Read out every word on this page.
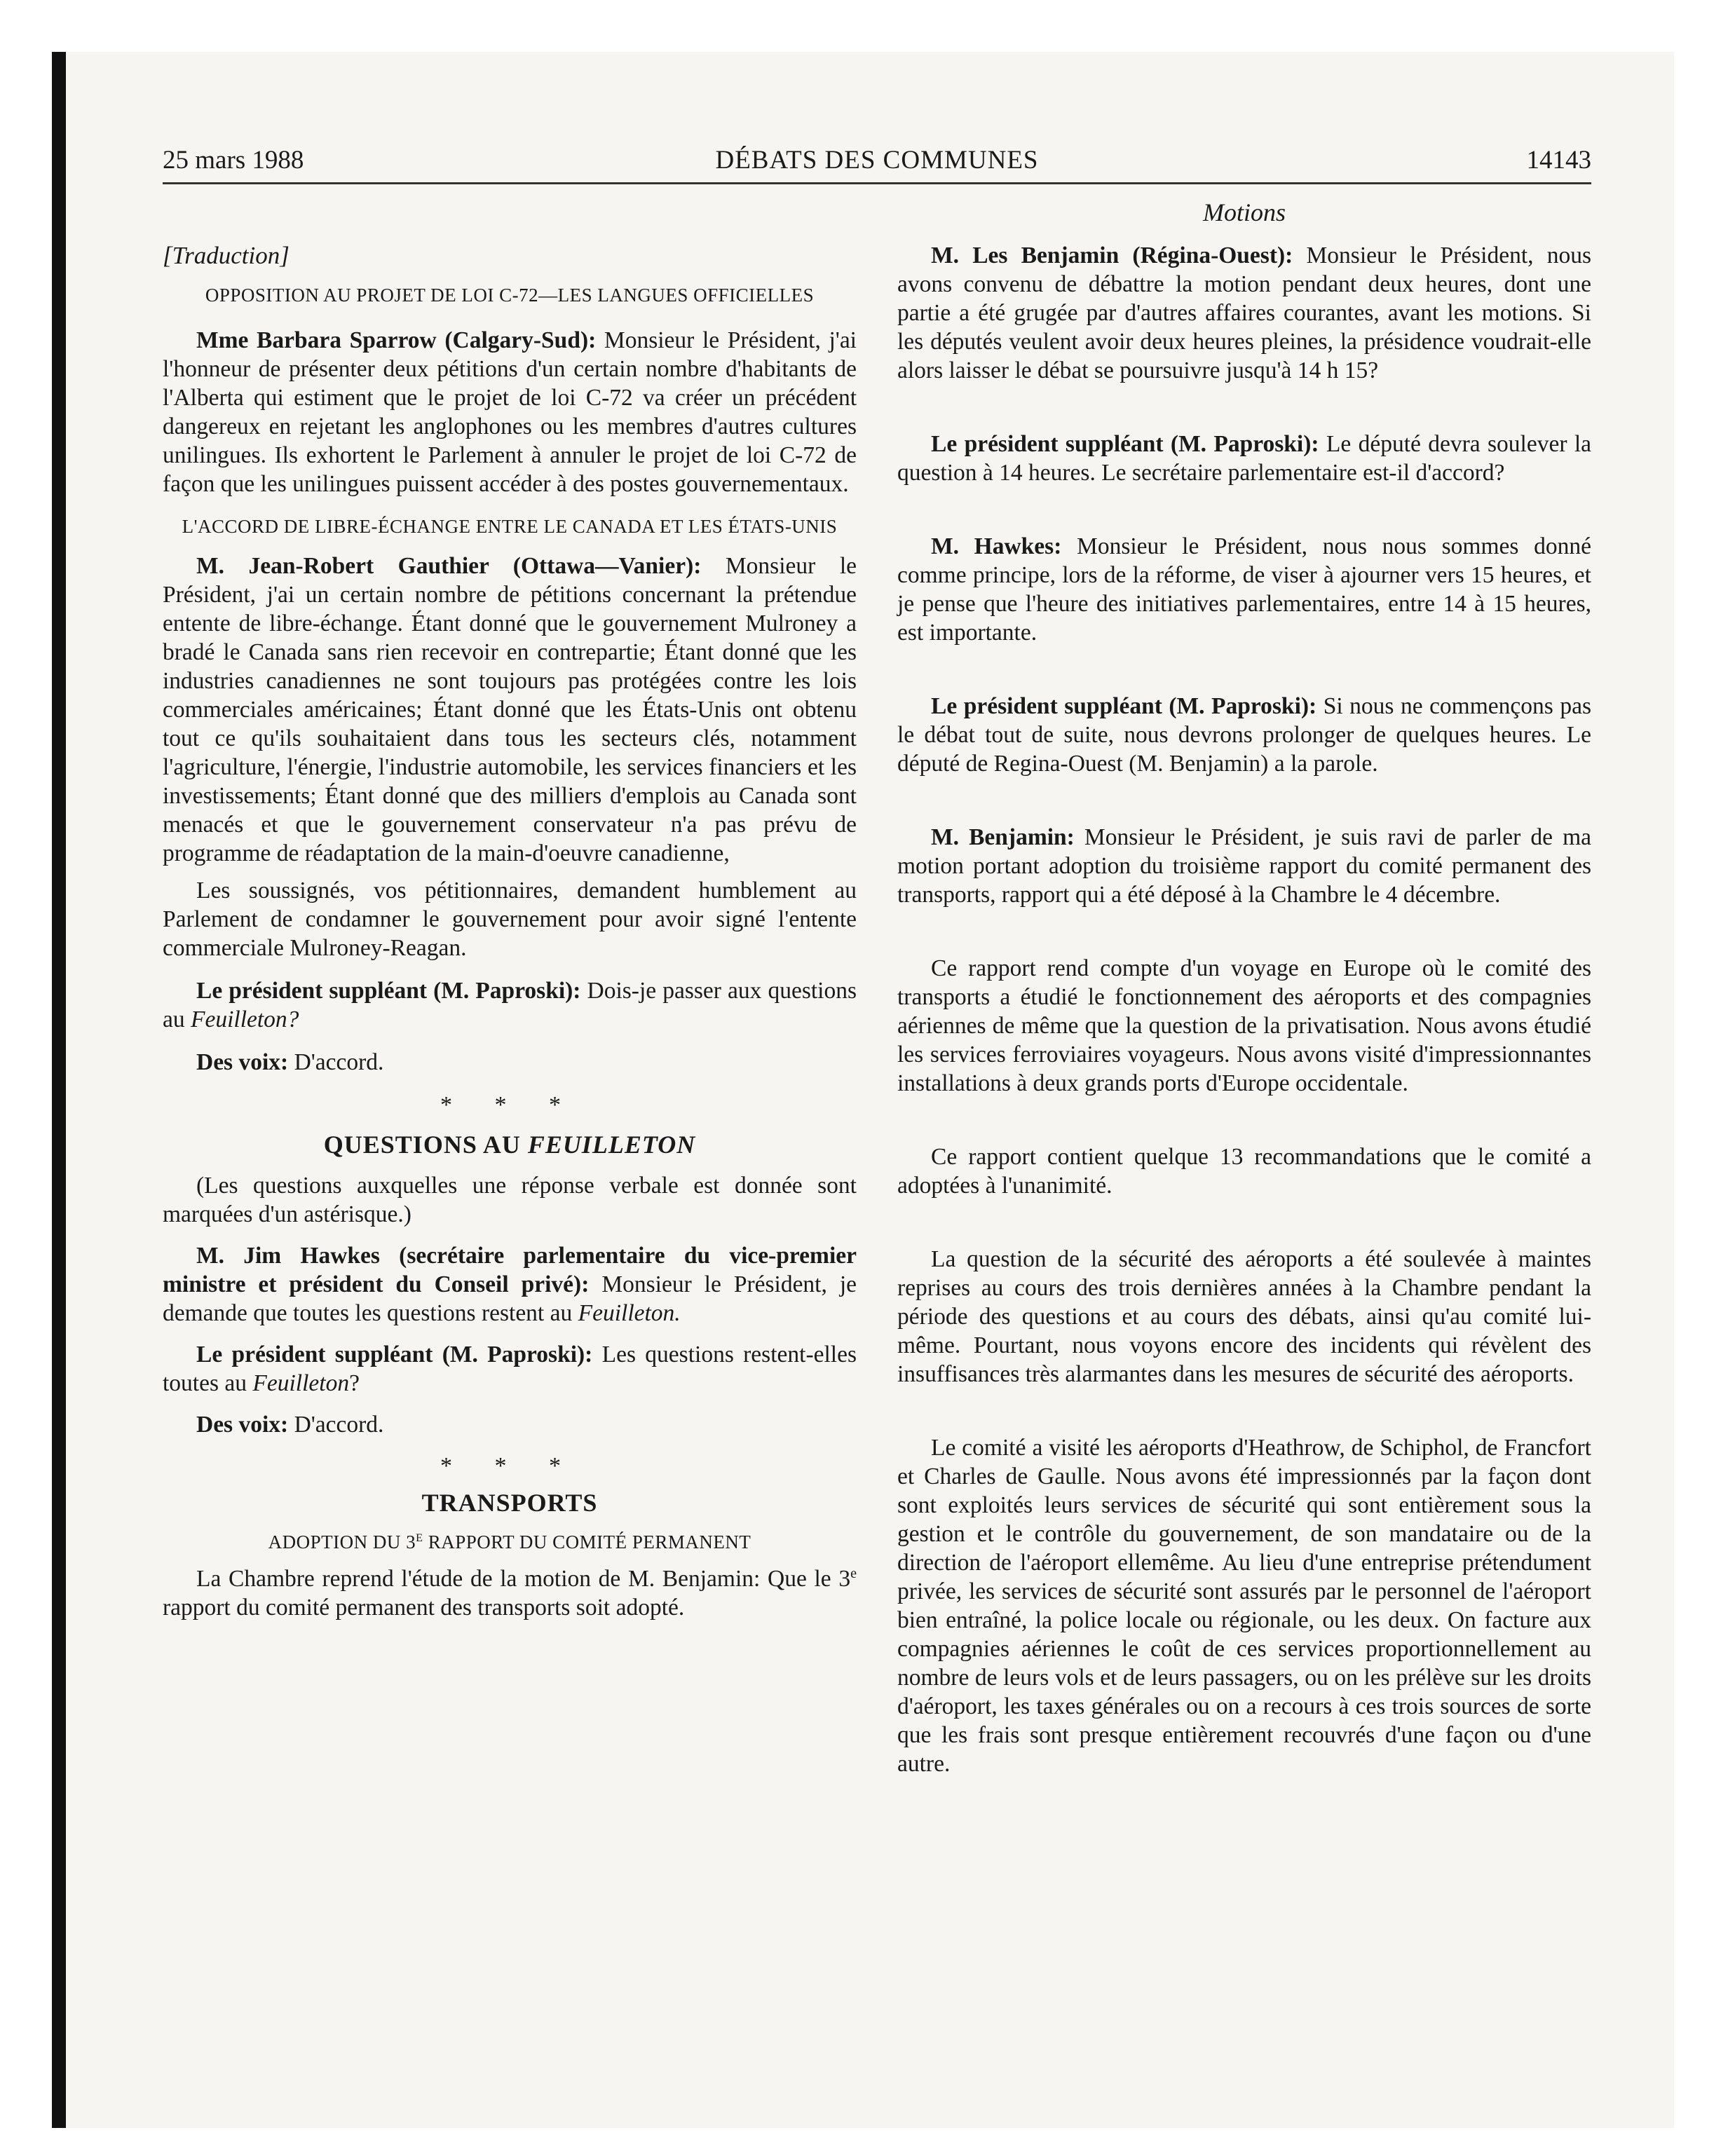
25 mars 1988	DÉBATS DES COMMUNES	14143
Motions

[Traduction]

OPPOSITION AU PROJET DE LOI C-72—LES LANGUES OFFICIELLES

Mme Barbara Sparrow (Calgary-Sud): Monsieur le Président, j'ai l'honneur de présenter deux pétitions d'un certain nombre d'habitants de l'Alberta qui estiment que le projet de loi C-72 va créer un précédent dangereux en rejetant les anglophones ou les membres d'autres cultures unilingues. Ils exhortent le Parlement à annuler le projet de loi C-72 de façon que les unilingues puissent accéder à des postes gouvernementaux.

L'ACCORD DE LIBRE-ÉCHANGE ENTRE LE CANADA ET LES ÉTATS-UNIS

M. Jean-Robert Gauthier (Ottawa—Vanier): Monsieur le Président, j'ai un certain nombre de pétitions concernant la prétendue entente de libre-échange. Étant donné que le gouvernement Mulroney a bradé le Canada sans rien recevoir en contrepartie; Étant donné que les industries canadiennes ne sont toujours pas protégées contre les lois commerciales américaines; Étant donné que les États-Unis ont obtenu tout ce qu'ils souhaitaient dans tous les secteurs clés, notamment l'agriculture, l'énergie, l'industrie automobile, les services financiers et les investissements; Étant donné que des milliers d'emplois au Canada sont menacés et que le gouvernement conservateur n'a pas prévu de programme de réadaptation de la main-d'oeuvre canadienne,

Les soussignés, vos pétitionnaires, demandent humblement au Parlement de condamner le gouvernement pour avoir signé l'entente commerciale Mulroney-Reagan.

Le président suppléant (M. Paproski): Dois-je passer aux questions au Feuilleton?

Des voix: D'accord.

* * *

QUESTIONS AU FEUILLETON

(Les questions auxquelles une réponse verbale est donnée sont marquées d'un astérisque.)

M. Jim Hawkes (secrétaire parlementaire du vice-premier ministre et président du Conseil privé): Monsieur le Président, je demande que toutes les questions restent au Feuilleton.

Le président suppléant (M. Paproski): Les questions restent-elles toutes au Feuilleton?

Des voix: D'accord.

* * *

TRANSPORTS

ADOPTION DU $3^E$ RAPPORT DU COMITÉ PERMANENT

La Chambre reprend l'étude de la motion de M. Benjamin: Que le 3e rapport du comité permanent des transports soit adopté.

M. Les Benjamin (Régina-Ouest): Monsieur le Président, nous avons convenu de débattre la motion pendant deux heures, dont une partie a été grugée par d'autres affaires courantes, avant les motions. Si les députés veulent avoir deux heures pleines, la présidence voudrait-elle alors laisser le débat se poursuivre jusqu'à 14 h 15?

Le président suppléant (M. Paproski): Le député devra soulever la question à 14 heures. Le secrétaire parlementaire est-il d'accord?

M. Hawkes: Monsieur le Président, nous nous sommes donné comme principe, lors de la réforme, de viser à ajourner vers 15 heures, et je pense que l'heure des initiatives parlementaires, entre 14 à 15 heures, est importante.

Le président suppléant (M. Paproski): Si nous ne commençons pas le débat tout de suite, nous devrons prolonger de quelques heures. Le député de Regina-Ouest (M. Benjamin) a la parole.

M. Benjamin: Monsieur le Président, je suis ravi de parler de ma motion portant adoption du troisième rapport du comité permanent des transports, rapport qui a été déposé à la Chambre le 4 décembre.

Ce rapport rend compte d'un voyage en Europe où le comité des transports a étudié le fonctionnement des aéroports et des compagnies aériennes de même que la question de la privatisation. Nous avons étudié les services ferroviaires voyageurs. Nous avons visité d'impressionnantes installations à deux grands ports d'Europe occidentale.

Ce rapport contient quelque 13 recommandations que le comité a adoptées à l'unanimité.

La question de la sécurité des aéroports a été soulevée à maintes reprises au cours des trois dernières années à la Chambre pendant la période des questions et au cours des débats, ainsi qu'au comité lui-même. Pourtant, nous voyons encore des incidents qui révèlent des insuffisances très alarmantes dans les mesures de sécurité des aéroports.

Le comité a visité les aéroports d'Heathrow, de Schiphol, de Francfort et Charles de Gaulle. Nous avons été impressionnés par la façon dont sont exploités leurs services de sécurité qui sont entièrement sous la gestion et le contrôle du gouvernement, de son mandataire ou de la direction de l'aéroport ellemême. Au lieu d'une entreprise prétendument privée, les services de sécurité sont assurés par le personnel de l'aéroport bien entraîné, la police locale ou régionale, ou les deux. On facture aux compagnies aériennes le coût de ces services proportionnellement au nombre de leurs vols et de leurs passagers, ou on les prélève sur les droits d'aéroport, les taxes générales ou on a recours à ces trois sources de sorte que les frais sont presque entièrement recouvrés d'une façon ou d'une autre.
